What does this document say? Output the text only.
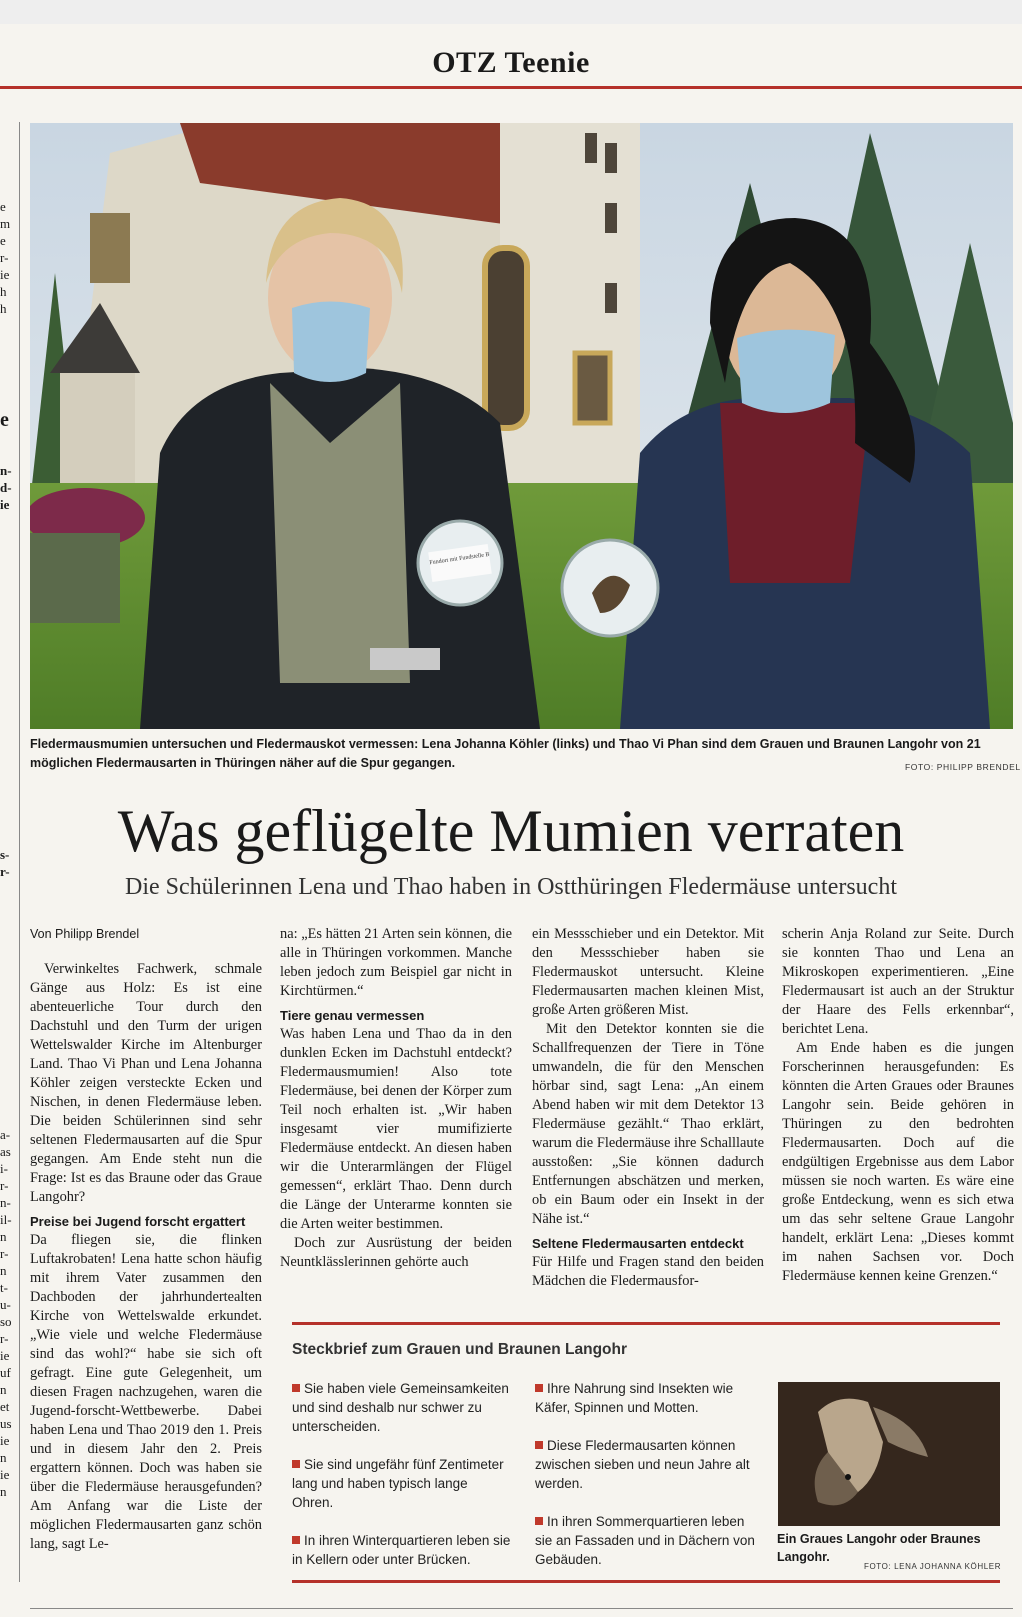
OTZ Teenie
e
m
e
r-
ie
h
h
e
n-
d-
ie
s-
r-
a-
as
i-
r-
n-
il-
n
r-
n
t-
u-
so
r-
ie
uf
n
et
us
ie
n
ie
n
Fundort mit Fundstelle B
Fledermausmumien untersuchen und Fledermauskot vermessen: Lena Johanna Köhler (links) und Thao Vi Phan sind dem Grauen und Braunen Langohr von 21 möglichen Fledermausarten in Thüringen näher auf die Spur gegangen.	FOTO: PHILIPP BRENDEL
Was geflügelte Mumien verraten
Die Schülerinnen Lena und Thao haben in Ostthüringen Fledermäuse untersucht

Von Philipp Brendel

Verwinkeltes Fachwerk, schmale Gänge aus Holz: Es ist eine abenteuerliche Tour durch den Dachstuhl und den Turm der urigen Wettelswalder Kirche im Altenburger Land. Thao Vi Phan und Lena Johanna Köhler zeigen versteckte Ecken und Nischen, in denen Fledermäuse leben. Die beiden Schülerinnen sind sehr seltenen Fledermausarten auf die Spur gegangen. Am Ende steht nun die Frage: Ist es das Braune oder das Graue Langohr?

Preise bei Jugend forscht ergattert

Da fliegen sie, die flinken Luftakrobaten! Lena hatte schon häufig mit ihrem Vater zusammen den Dachboden der jahrhundertealten Kirche von Wettelswalde erkundet. „Wie viele und welche Fledermäuse sind das wohl?“ habe sie sich oft gefragt. Eine gute Gelegenheit, um diesen Fragen nachzugehen, waren die Jugend-forscht-Wettbewerbe. Dabei haben Lena und Thao 2019 den 1. Preis und in diesem Jahr den 2. Preis ergattern können. Doch was haben sie über die Fledermäuse herausgefunden? Am Anfang war die Liste der möglichen Fledermausarten ganz schön lang, sagt Le-

na: „Es hätten 21 Arten sein können, die alle in Thüringen vorkommen. Manche leben jedoch zum Beispiel gar nicht in Kirchtürmen.“

Tiere genau vermessen

Was haben Lena und Thao da in den dunklen Ecken im Dachstuhl entdeckt? Fledermausmumien! Also tote Fledermäuse, bei denen der Körper zum Teil noch erhalten ist. „Wir haben insgesamt vier mumifizierte Fledermäuse entdeckt. An diesen haben wir die Unterarmlängen der Flügel gemessen“, erklärt Thao. Denn durch die Länge der Unterarme konnten sie die Arten weiter bestimmen.

Doch zur Ausrüstung der beiden Neuntklässlerinnen gehörte auch

ein Messschieber und ein Detektor. Mit den Messschieber haben sie Fledermauskot untersucht. Kleine Fledermausarten machen kleinen Mist, große Arten größeren Mist.

Mit den Detektor konnten sie die Schallfrequenzen der Tiere in Töne umwandeln, die für den Menschen hörbar sind, sagt Lena: „An einem Abend haben wir mit dem Detektor 13 Fledermäuse gezählt.“ Thao erklärt, warum die Fledermäuse ihre Schalllaute ausstoßen: „Sie können dadurch Entfernungen abschätzen und merken, ob ein Baum oder ein Insekt in der Nähe ist.“

Seltene Fledermausarten entdeckt

Für Hilfe und Fragen stand den beiden Mädchen die Fledermausfor-

scherin Anja Roland zur Seite. Durch sie konnten Thao und Lena an Mikroskopen experimentieren. „Eine Fledermausart ist auch an der Struktur der Haare des Fells erkennbar“, berichtet Lena.

Am Ende haben es die jungen Forscherinnen herausgefunden: Es könnten die Arten Graues oder Braunes Langohr sein. Beide gehören in Thüringen zu den bedrohten Fledermausarten. Doch auf die endgültigen Ergebnisse aus dem Labor müssen sie noch warten. Es wäre eine große Entdeckung, wenn es sich etwa um das sehr seltene Graue Langohr handelt, erklärt Lena: „Dieses kommt im nahen Sachsen vor. Doch Fledermäuse kennen keine Grenzen.“

Steckbrief zum Grauen und Braunen Langohr
Sie haben viele Gemeinsamkeiten und sind deshalb nur schwer zu unterscheiden.
Sie sind ungefähr fünf Zentimeter lang und haben typisch lange Ohren.
In ihren Winterquartieren leben sie in Kellern oder unter Brücken.
Ihre Nahrung sind Insekten wie Käfer, Spinnen und Motten.
Diese Fledermausarten können zwischen sieben und neun Jahre alt werden.
In ihren Sommerquartieren leben sie an Fassaden und in Dächern von Gebäuden.
Ein Graues Langohr oder Braunes Langohr.
FOTO: LENA JOHANNA KÖHLER
